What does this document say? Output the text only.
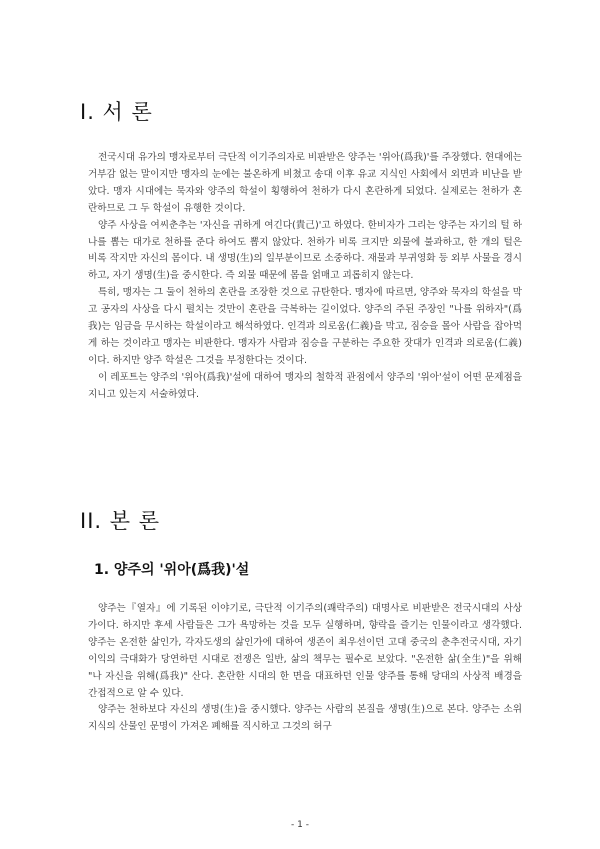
I. 서 론

전국시대 유가의 맹자로부터 극단적 이기주의자로 비판받은 양주는 '위아(爲我)'를 주장했다. 현대에는 거부감 없는 말이지만 맹자의 눈에는 불온하게 비쳤고 송대 이후 유교 지식인 사회에서 외면과 비난을 받았다. 맹자 시대에는 묵자와 양주의 학설이 횡행하여 천하가 다시 혼란하게 되었다. 실제로는 천하가 혼란하므로 그 두 학설이 유행한 것이다.

양주 사상을 여씨춘추는 '자신을 귀하게 여긴다(貴己)'고 하였다. 한비자가 그리는 양주는 자기의 털 하나를 뽑는 대가로 천하를 준다 하여도 뽑지 않았다. 천하가 비록 크지만 외물에 불과하고, 한 개의 털은 비록 작지만 자신의 몸이다. 내 생명(生)의 일부분이므로 소중하다. 재물과 부귀영화 등 외부 사물을 경시하고, 자기 생명(生)을 중시한다. 즉 외물 때문에 몸을 얽매고 괴롭히지 않는다.

특히, 맹자는 그 둘이 천하의 혼란을 조장한 것으로 규탄한다. 맹자에 따르면, 양주와 묵자의 학설을 막고 공자의 사상을 다시 펼치는 것만이 혼란을 극복하는 길이었다. 양주의 주된 주장인 "나를 위하자"(爲我)는 임금을 무시하는 학설이라고 해석하였다. 인격과 의로움(仁義)을 막고, 짐승을 몰아 사람을 잡아먹게 하는 것이라고 맹자는 비판한다. 맹자가 사람과 짐승을 구분하는 주요한 잣대가 인격과 의로움(仁義)이다. 하지만 양주 학설은 그것을 부정한다는 것이다.

이 레포트는 양주의 '위아(爲我)'설에 대하여 맹자의 철학적 관점에서 양주의 '위아'설이 어떤 문제점을 지니고 있는지 서술하였다.

II. 본 론
1. 양주의 '위아(爲我)'설

양주는『열자』에 기록된 이야기로, 극단적 이기주의(쾌락주의) 대명사로 비판받은 전국시대의 사상가이다. 하지만 후세 사람들은 그가 욕망하는 것을 모두 실행하며, 향락을 즐기는 인물이라고 생각했다. 양주는 온전한 삶인가, 각자도생의 삶인가에 대하여 생존이 최우선이던 고대 중국의 춘추전국시대, 자기 이익의 극대화가 당연하던 시대로 전쟁은 일반, 삶의 책무는 필수로 보았다. "온전한 삶(全生)"을 위해 "나 자신을 위해(爲我)" 산다. 혼란한 시대의 한 면을 대표하던 인물 양주를 통해 당대의 사상적 배경을 간접적으로 알 수 있다.

양주는 천하보다 자신의 생명(生)을 중시했다. 양주는 사람의 본질을 생명(生)으로 본다. 양주는 소위 지식의 산물인 문명이 가져온 폐해를 직시하고 그것의 허구

- 1 -
